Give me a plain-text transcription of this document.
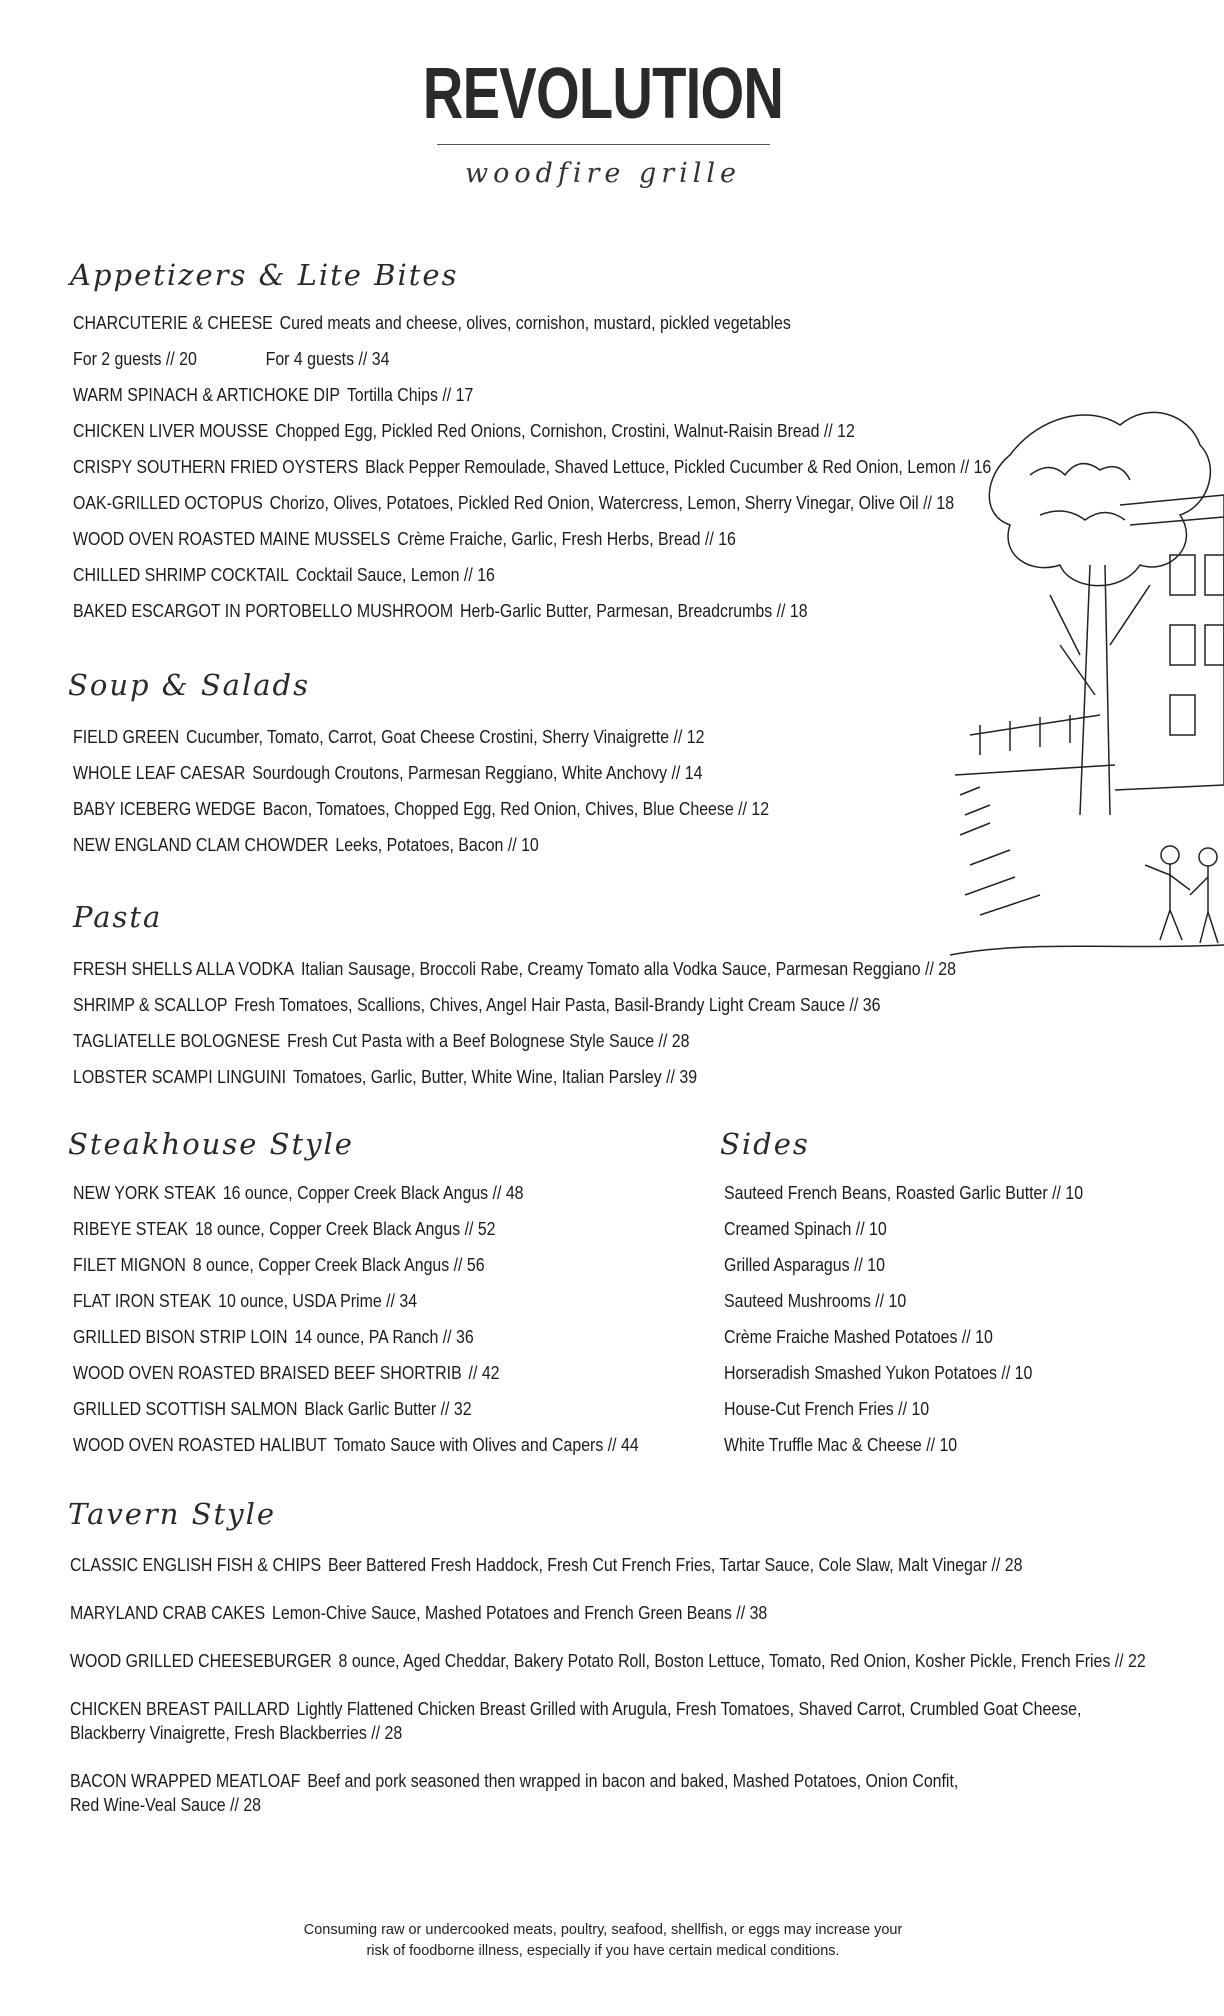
REVOLUTION
woodfire grille
Appetizers & Lite Bites
CHARCUTERIE & CHEESE Cured meats and cheese, olives, cornishon, mustard, pickled vegetables
For 2 guests // 20	For 4 guests // 34
WARM SPINACH & ARTICHOKE DIP Tortilla Chips // 17
CHICKEN LIVER MOUSSE Chopped Egg, Pickled Red Onions, Cornishon, Crostini, Walnut-Raisin Bread // 12
CRISPY SOUTHERN FRIED OYSTERS Black Pepper Remoulade, Shaved Lettuce, Pickled Cucumber & Red Onion, Lemon // 16
OAK-GRILLED OCTOPUS Chorizo, Olives, Potatoes, Pickled Red Onion, Watercress, Lemon, Sherry Vinegar, Olive Oil // 18
WOOD OVEN ROASTED MAINE MUSSELS Crème Fraiche, Garlic, Fresh Herbs, Bread // 16
CHILLED SHRIMP COCKTAIL Cocktail Sauce, Lemon // 16
BAKED ESCARGOT IN PORTOBELLO MUSHROOM Herb-Garlic Butter, Parmesan, Breadcrumbs // 18
Soup & Salads
FIELD GREEN Cucumber, Tomato, Carrot, Goat Cheese Crostini, Sherry Vinaigrette // 12
WHOLE LEAF CAESAR Sourdough Croutons, Parmesan Reggiano, White Anchovy // 14
BABY ICEBERG WEDGE Bacon, Tomatoes, Chopped Egg, Red Onion, Chives, Blue Cheese // 12
NEW ENGLAND CLAM CHOWDER Leeks, Potatoes, Bacon // 10
Pasta
FRESH SHELLS ALLA VODKA Italian Sausage, Broccoli Rabe, Creamy Tomato alla Vodka Sauce, Parmesan Reggiano // 28
SHRIMP & SCALLOP Fresh Tomatoes, Scallions, Chives, Angel Hair Pasta, Basil-Brandy Light Cream Sauce // 36
TAGLIATELLE BOLOGNESE Fresh Cut Pasta with a Beef Bolognese Style Sauce // 28
LOBSTER SCAMPI LINGUINI Tomatoes, Garlic, Butter, White Wine, Italian Parsley // 39
Steakhouse Style
NEW YORK STEAK 16 ounce, Copper Creek Black Angus // 48
RIBEYE STEAK 18 ounce, Copper Creek Black Angus // 52
FILET MIGNON 8 ounce, Copper Creek Black Angus // 56
FLAT IRON STEAK 10 ounce, USDA Prime // 34
GRILLED BISON STRIP LOIN 14 ounce, PA Ranch // 36
WOOD OVEN ROASTED BRAISED BEEF SHORTRIB // 42
GRILLED SCOTTISH SALMON Black Garlic Butter // 32
WOOD OVEN ROASTED HALIBUT Tomato Sauce with Olives and Capers // 44
Sides
Sauteed French Beans, Roasted Garlic Butter // 10
Creamed Spinach // 10
Grilled Asparagus // 10
Sauteed Mushrooms // 10
Crème Fraiche Mashed Potatoes // 10
Horseradish Smashed Yukon Potatoes // 10
House-Cut French Fries // 10
White Truffle Mac & Cheese // 10
Tavern Style
CLASSIC ENGLISH FISH & CHIPS Beer Battered Fresh Haddock, Fresh Cut French Fries, Tartar Sauce, Cole Slaw, Malt Vinegar // 28
MARYLAND CRAB CAKES Lemon-Chive Sauce, Mashed Potatoes and French Green Beans // 38
WOOD GRILLED CHEESEBURGER 8 ounce, Aged Cheddar, Bakery Potato Roll, Boston Lettuce, Tomato, Red Onion, Kosher Pickle, French Fries // 22
CHICKEN BREAST PAILLARD Lightly Flattened Chicken Breast Grilled with Arugula, Fresh Tomatoes, Shaved Carrot, Crumbled Goat Cheese,
Blackberry Vinaigrette, Fresh Blackberries // 28
BACON WRAPPED MEATLOAF Beef and pork seasoned then wrapped in bacon and baked, Mashed Potatoes, Onion Confit,
Red Wine-Veal Sauce // 28
Consuming raw or undercooked meats, poultry, seafood, shellfish, or eggs may increase your
risk of foodborne illness, especially if you have certain medical conditions.
